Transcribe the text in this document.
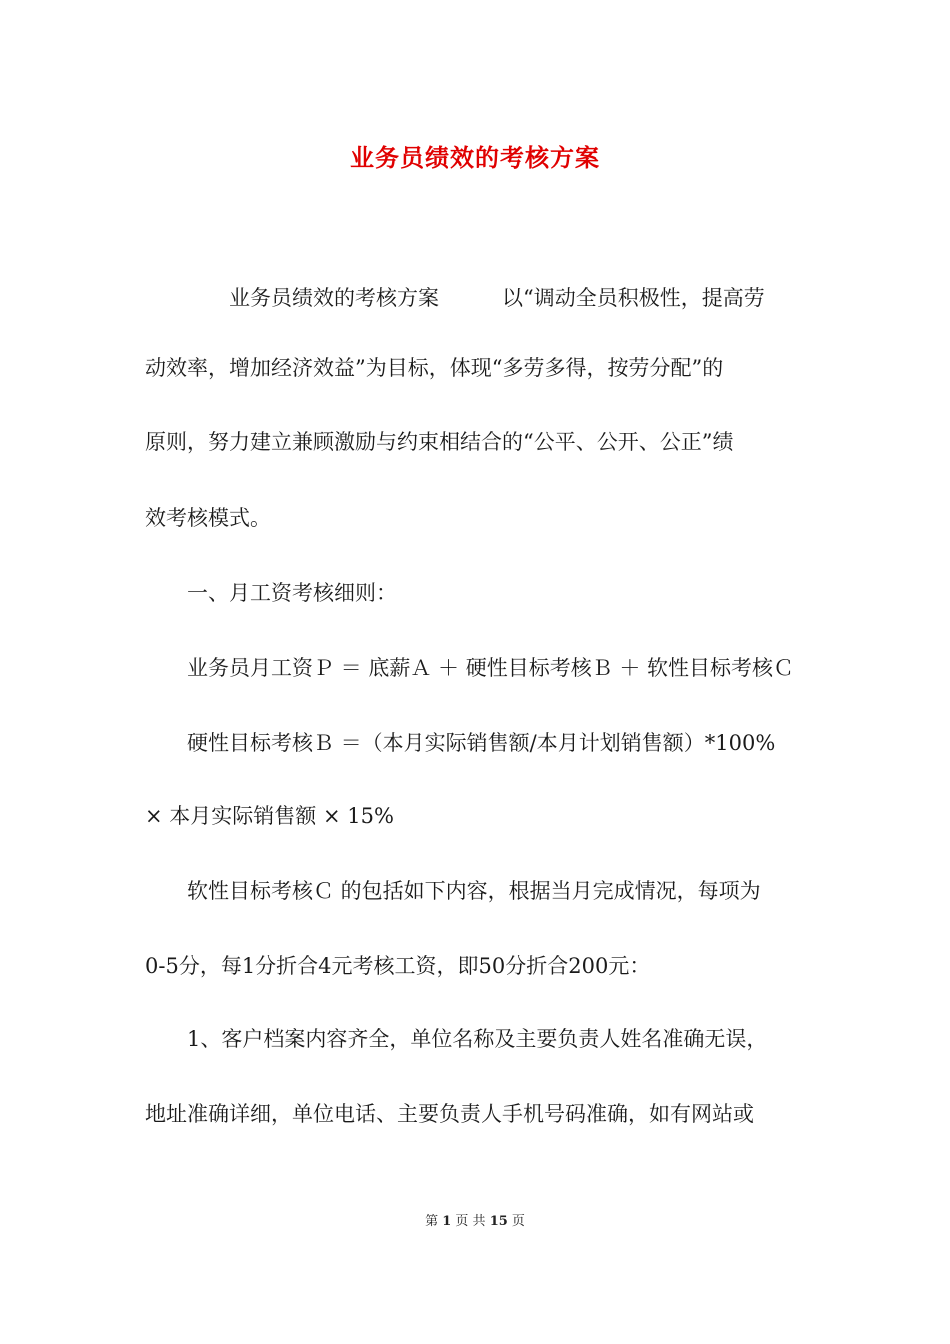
业务员绩效的考核方案
　　　　业务员绩效的考核方案　　　以“调动全员积极性，提高劳
动效率，增加经济效益”为目标，体现“多劳多得，按劳分配”的
原则，努力建立兼顾激励与约束相结合的“公平、公开、公正”绩
效考核模式。
　　一、月工资考核细则：
　　业务员月工资Ｐ ＝ 底薪Ａ ＋ 硬性目标考核Ｂ ＋ 软性目标考核Ｃ
　　硬性目标考核Ｂ ＝（本月实际销售额/本月计划销售额）*100%
× 本月实际销售额 × 15%
　　软性目标考核Ｃ 的包括如下内容，根据当月完成情况，每项为
0-5分，每1分折合4元考核工资，即50分折合200元：
　　1、客户档案内容齐全，单位名称及主要负责人姓名准确无误，
地址准确详细，单位电话、主要负责人手机号码准确，如有网站或
第 1 页 共 15 页
